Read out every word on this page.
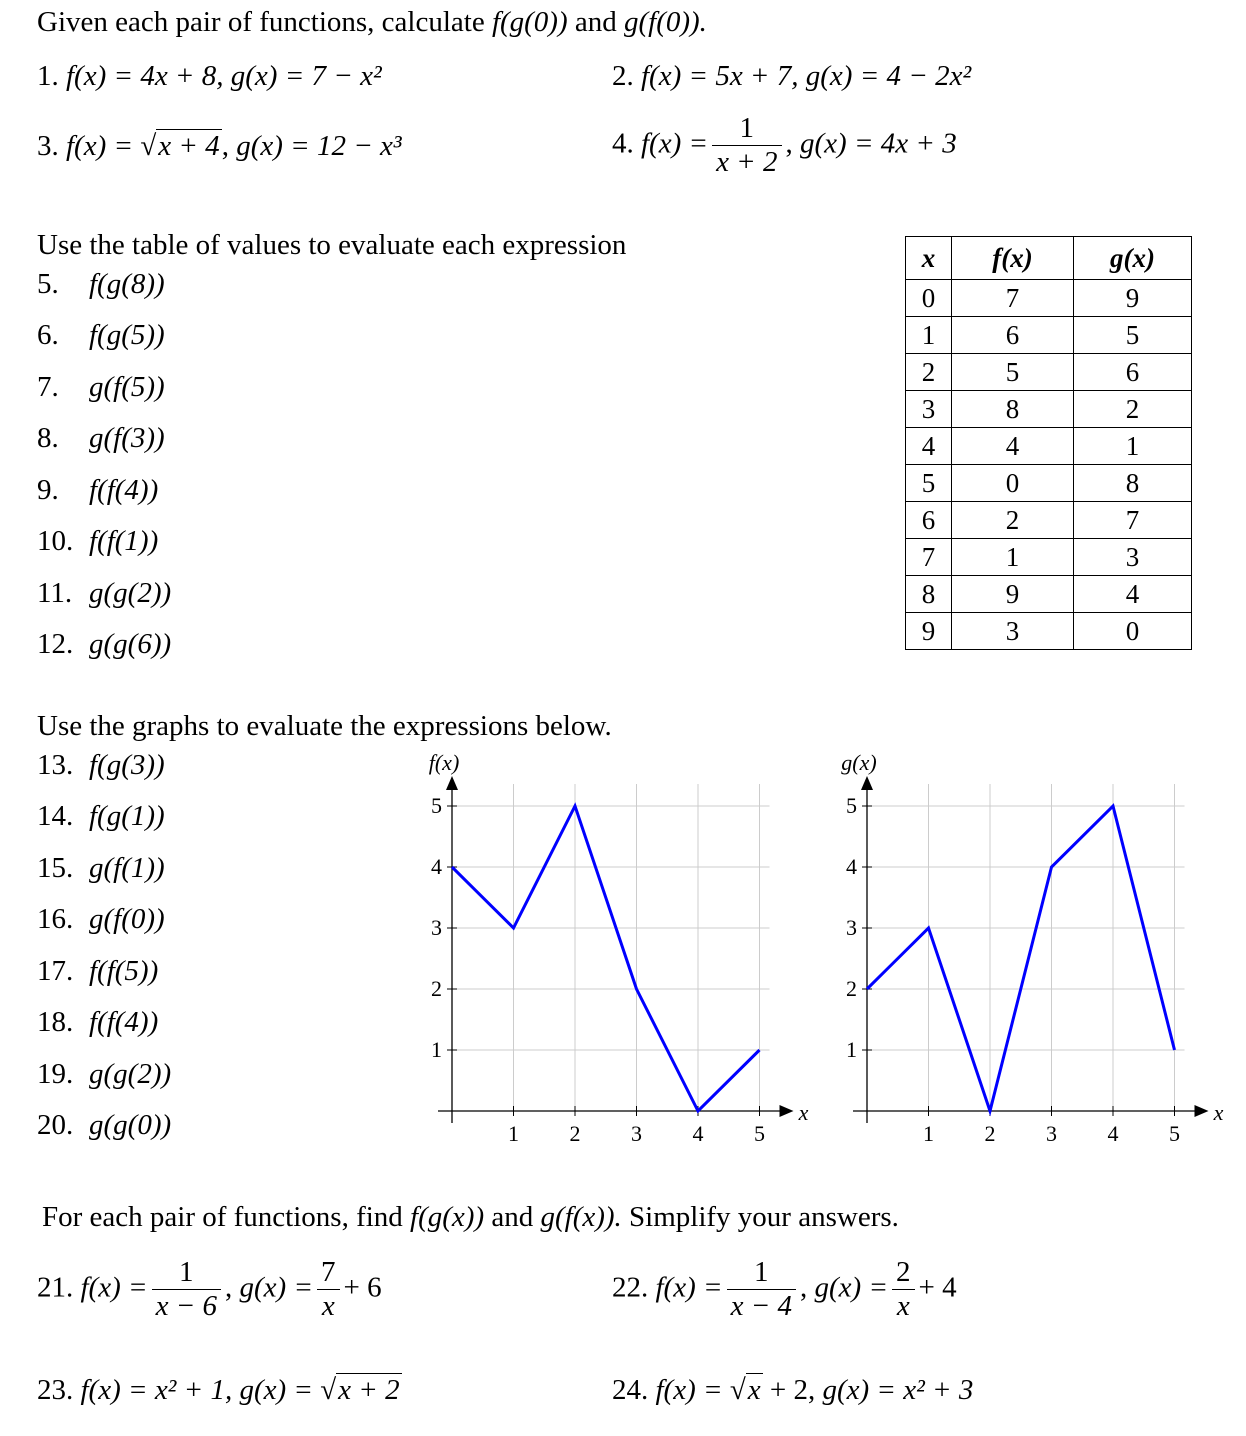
Given each pair of functions, calculate f(g(0)) and g(f(0)).
1. f(x) = 4x + 8, g(x) = 7 − x²	2. f(x) = 5x + 7, g(x) = 4 − 2x²
3. f(x) = √x + 4, g(x) = 12 − x³	4. $f(x) = \frac{1}{x + 2}$ , g(x) = 4x + 3
Use the table of values to evaluate each expression
5. f(g(8))
6. f(g(5))
7. g(f(5))
8. g(f(3))
9. f(f(4))
10. f(f(1))
11. g(g(2))
12. g(g(6))
x	f(x)	g(x)
0	7	9
1	6	5
2	5	6
3	8	2
4	4	1
5	0	8
6	2	7
7	1	3
8	9	4
9	3	0
Use the graphs to evaluate the expressions below.
13. f(g(3))
14. f(g(1))
15. g(f(1))
16. g(f(0))
17. f(f(5))
18. f(f(4))
19. g(g(2))
20. g(g(0))	1 2 3 4 5
1
2
3
4
5
f(x)
x
1 2 3 4 5
1
2
3
4
5
g(x)
x
For each pair of functions, find f(g(x)) and g(f(x)). Simplify your answers.
21. $f(x) = \frac{1}{x - 6}$ , $g(x) = \frac{7}{x} + 6$	22. $f(x) = \frac{1}{x - 4}$ , $g(x) = \frac{2}{x} + 4$
23. f(x) = x² + 1, g(x) = √x + 2	24. f(x) = √x + 2, g(x) = x² + 3
